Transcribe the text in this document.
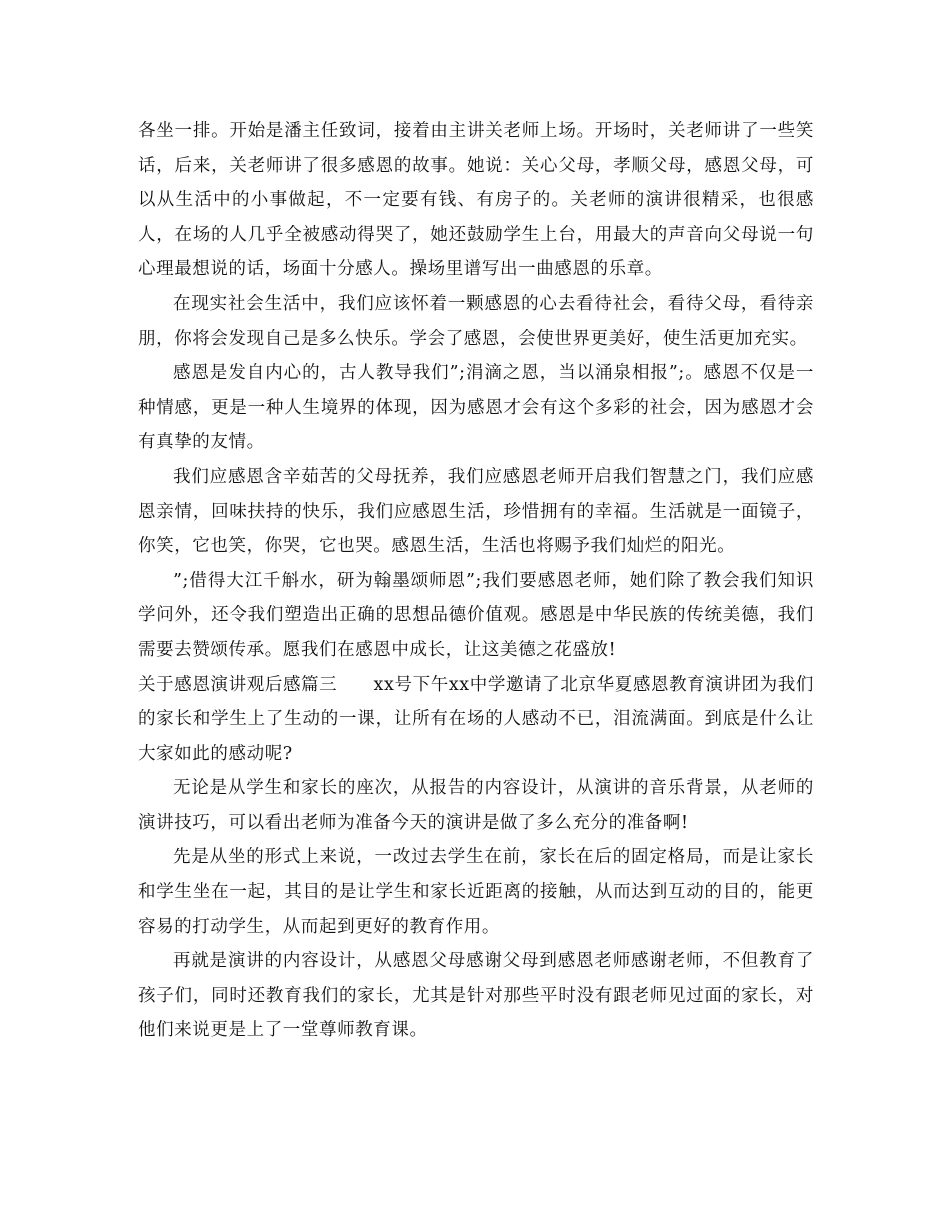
各坐一排。开始是潘主任致词，接着由主讲关老师上场。开场时，关老师讲了一些笑话，后来，关老师讲了很多感恩的故事。她说：关心父母，孝顺父母，感恩父母，可以从生活中的小事做起，不一定要有钱、有房子的。关老师的演讲很精采，也很感人，在场的人几乎全被感动得哭了，她还鼓励学生上台，用最大的声音向父母说一句心理最想说的话，场面十分感人。操场里谱写出一曲感恩的乐章。

在现实社会生活中，我们应该怀着一颗感恩的心去看待社会，看待父母，看待亲朋，你将会发现自己是多么快乐。学会了感恩，会使世界更美好，使生活更加充实。

感恩是发自内心的，古人教导我们”;涓滴之恩，当以涌泉相报”;。感恩不仅是一种情感，更是一种人生境界的体现，因为感恩才会有这个多彩的社会，因为感恩才会有真挚的友情。

我们应感恩含辛茹苦的父母抚养，我们应感恩老师开启我们智慧之门，我们应感恩亲情，回味扶持的快乐，我们应感恩生活，珍惜拥有的幸福。生活就是一面镜子，你笑，它也笑，你哭，它也哭。感恩生活，生活也将赐予我们灿烂的阳光。

”;借得大江千斛水，研为翰墨颂师恩”;我们要感恩老师，她们除了教会我们知识学问外，还令我们塑造出正确的思想品德价值观。感恩是中华民族的传统美德，我们需要去赞颂传承。愿我们在感恩中成长，让这美德之花盛放!

关于感恩演讲观后感篇三　　xx号下午xx中学邀请了北京华夏感恩教育演讲团为我们的家长和学生上了生动的一课，让所有在场的人感动不已，泪流满面。到底是什么让大家如此的感动呢?

无论是从学生和家长的座次，从报告的内容设计，从演讲的音乐背景，从老师的演讲技巧，可以看出老师为准备今天的演讲是做了多么充分的准备啊!

先是从坐的形式上来说，一改过去学生在前，家长在后的固定格局，而是让家长和学生坐在一起，其目的是让学生和家长近距离的接触，从而达到互动的目的，能更容易的打动学生，从而起到更好的教育作用。

再就是演讲的内容设计，从感恩父母感谢父母到感恩老师感谢老师，不但教育了孩子们，同时还教育我们的家长，尤其是针对那些平时没有跟老师见过面的家长，对他们来说更是上了一堂尊师教育课。
